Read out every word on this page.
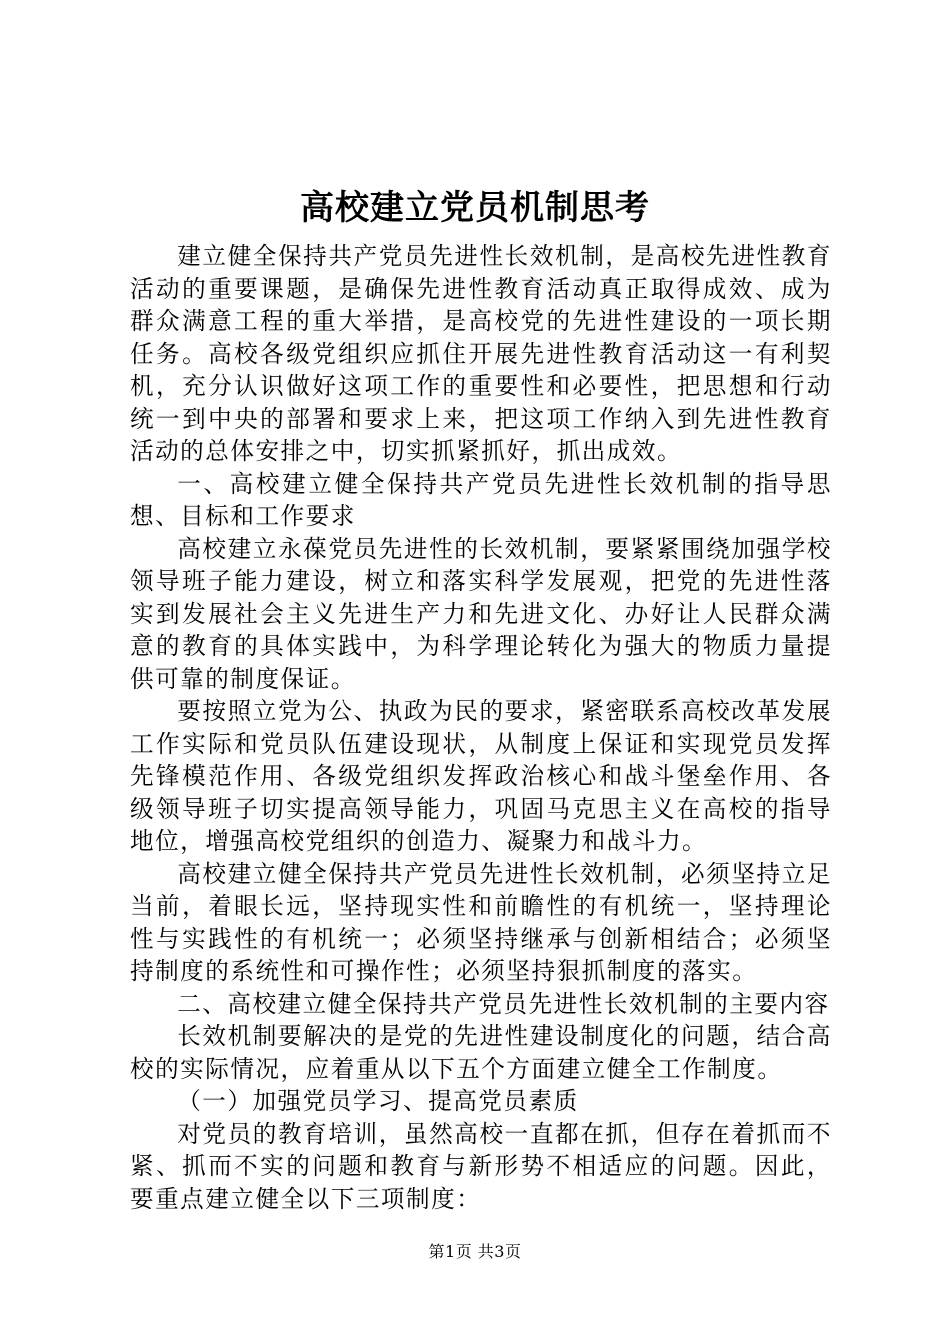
高校建立党员机制思考

建立健全保持共产党员先进性长效机制，是高校先进性教育活动的重要课题，是确保先进性教育活动真正取得成效、成为群众满意工程的重大举措，是高校党的先进性建设的一项长期任务。高校各级党组织应抓住开展先进性教育活动这一有利契机，充分认识做好这项工作的重要性和必要性，把思想和行动统一到中央的部署和要求上来，把这项工作纳入到先进性教育活动的总体安排之中，切实抓紧抓好，抓出成效。

一、高校建立健全保持共产党员先进性长效机制的指导思想、目标和工作要求

高校建立永葆党员先进性的长效机制，要紧紧围绕加强学校领导班子能力建设，树立和落实科学发展观，把党的先进性落实到发展社会主义先进生产力和先进文化、办好让人民群众满意的教育的具体实践中，为科学理论转化为强大的物质力量提供可靠的制度保证。

要按照立党为公、执政为民的要求，紧密联系高校改革发展工作实际和党员队伍建设现状，从制度上保证和实现党员发挥先锋模范作用、各级党组织发挥政治核心和战斗堡垒作用、各级领导班子切实提高领导能力，巩固马克思主义在高校的指导地位，增强高校党组织的创造力、凝聚力和战斗力。

高校建立健全保持共产党员先进性长效机制，必须坚持立足当前，着眼长远，坚持现实性和前瞻性的有机统一，坚持理论性与实践性的有机统一；必须坚持继承与创新相结合；必须坚持制度的系统性和可操作性；必须坚持狠抓制度的落实。

二、高校建立健全保持共产党员先进性长效机制的主要内容

长效机制要解决的是党的先进性建设制度化的问题，结合高校的实际情况，应着重从以下五个方面建立健全工作制度。

（一）加强党员学习、提高党员素质

对党员的教育培训，虽然高校一直都在抓，但存在着抓而不紧、抓而不实的问题和教育与新形势不相适应的问题。因此，要重点建立健全以下三项制度：

第1页 共3页
